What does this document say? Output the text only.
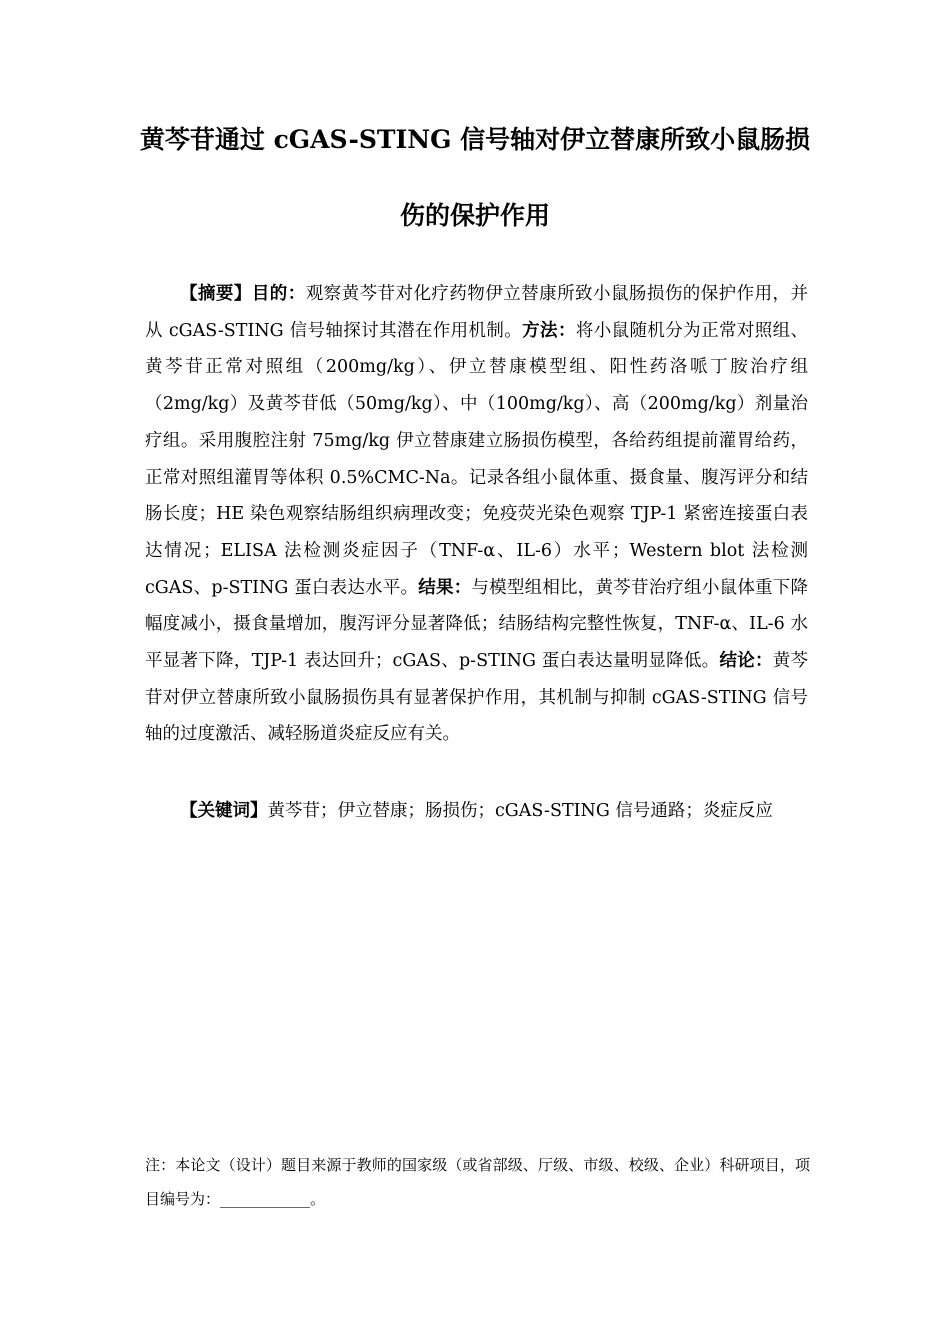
黄芩苷通过 cGAS-STING 信号轴对伊立替康所致小鼠肠损
伤的保护作用

【摘要】目的：观察黄芩苷对化疗药物伊立替康所致小鼠肠损伤的保护作用，并从 cGAS-STING 信号轴探讨其潜在作用机制。方法：将小鼠随机分为正常对照组、黄芩苷正常对照组（200mg/kg）、伊立替康模型组、阳性药洛哌丁胺治疗组（2mg/kg）及黄芩苷低（50mg/kg）、中（100mg/kg）、高（200mg/kg）剂量治疗组。采用腹腔注射 75mg/kg 伊立替康建立肠损伤模型，各给药组提前灌胃给药，正常对照组灌胃等体积 0.5%CMC-Na。记录各组小鼠体重、摄食量、腹泻评分和结肠长度；HE 染色观察结肠组织病理改变；免疫荧光染色观察 TJP-1 紧密连接蛋白表达情况；ELISA 法检测炎症因子（TNF-α、IL-6）水平；Western blot 法检测 cGAS、p-STING 蛋白表达水平。结果：与模型组相比，黄芩苷治疗组小鼠体重下降幅度减小，摄食量增加，腹泻评分显著降低；结肠结构完整性恢复，TNF-α、IL-6 水平显著下降，TJP-1 表达回升；cGAS、p-STING 蛋白表达量明显降低。结论：黄芩苷对伊立替康所致小鼠肠损伤具有显著保护作用，其机制与抑制 cGAS-STING 信号轴的过度激活、减轻肠道炎症反应有关。

【关键词】黄芩苷；伊立替康；肠损伤；cGAS-STING 信号通路；炎症反应

注：本论文（设计）题目来源于教师的国家级（或省部级、厅级、市级、校级、企业）科研项目，项目编号为：____________。
